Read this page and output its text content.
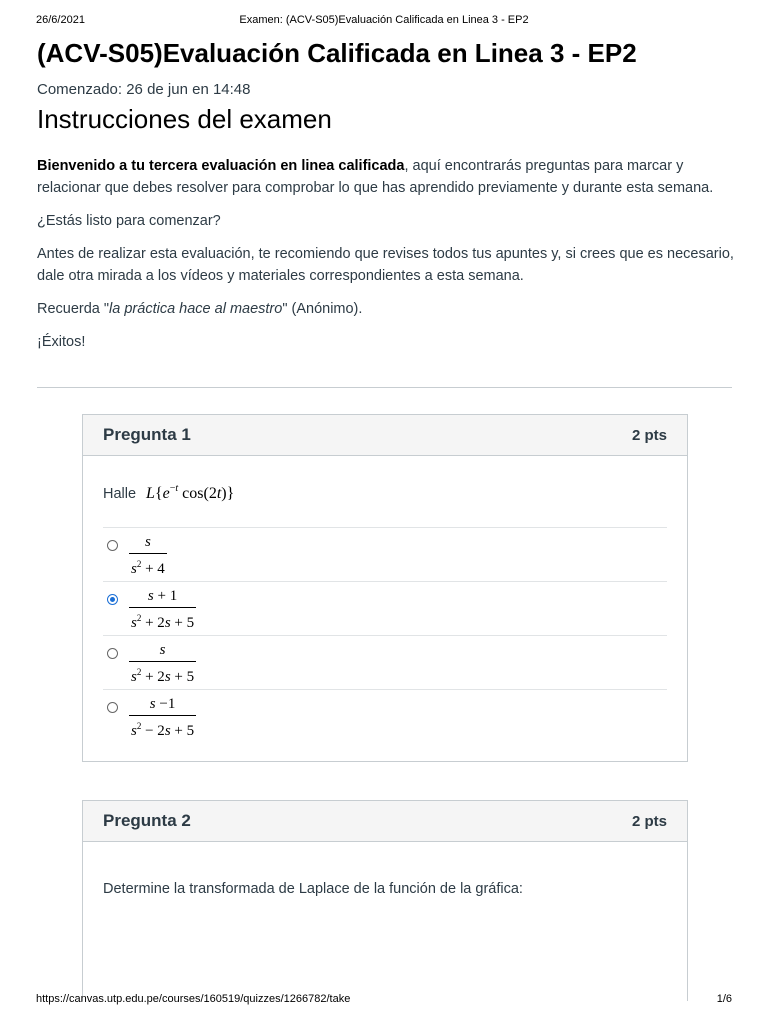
26/6/2021	Examen: (ACV-S05)Evaluación Calificada en Linea 3 - EP2
(ACV-S05)Evaluación Calificada en Linea 3 - EP2
Comenzado: 26 de jun en 14:48
Instrucciones del examen

Bienvenido a tu tercera evaluación en linea calificada, aquí encontrarás preguntas para marcar y relacionar que debes resolver para comprobar lo que has aprendido previamente y durante esta semana.

¿Estás listo para comenzar?

Antes de realizar esta evaluación, te recomiendo que revises todos tus apuntes y, si crees que es necesario, dale otra mirada a los vídeos y materiales correspondientes a esta semana.

Recuerda "la práctica hace al maestro" (Anónimo).

¡Éxitos!

Pregunta 1	2 pts
Halle $L\{e^{-t}$ cos(2t)}
$\frac{s}{s^2 + 4}$
$\frac{s + 1}{s^2 + 2s + 5}$
$\frac{s}{s^2 + 2s + 5}$
$\frac{s -1}{s^2 - 2s + 5}$
Pregunta 2	2 pts
Determine la transformada de Laplace de la función de la gráfica:
https://canvas.utp.edu.pe/courses/160519/quizzes/1266782/take	1/6
